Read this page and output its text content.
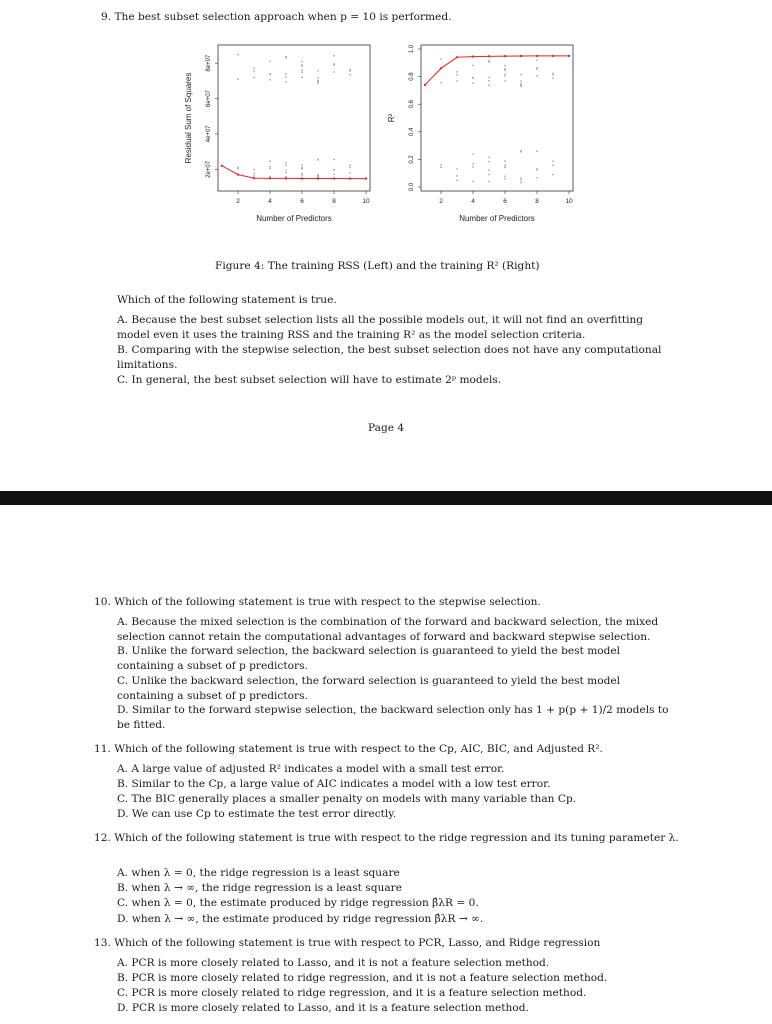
9. The best subset selection approach when p = 10 is performed.
2	4	6	8	10
2e+07
4e+07
6e+07
8e+07
Number of Predictors
Residual Sum of Squares
2	4	6	8	10
0.0
0.2
0.4
0.6
0.8
1.0
Number of Predictors
R²
Figure 4: The training RSS (Left) and the training R² (Right)
Which of the following statement is true.
A. Because the best subset selection lists all the possible models out, it will not find an overfitting model even it uses the training RSS and the training R² as the model selection criteria.
B. Comparing with the stepwise selection, the best subset selection does not have any computational limitations.
C. In general, the best subset selection will have to estimate 2ᵖ models.
Page 4
10. Which of the following statement is true with respect to the stepwise selection.
A. Because the mixed selection is the combination of the forward and backward selection, the mixed selection cannot retain the computational advantages of forward and backward stepwise selection.
B. Unlike the forward selection, the backward selection is guaranteed to yield the best model containing a subset of p predictors.
C. Unlike the backward selection, the forward selection is guaranteed to yield the best model containing a subset of p predictors.
D. Similar to the forward stepwise selection, the backward selection only has 1 + p(p + 1)/2 models to be fitted.
11. Which of the following statement is true with respect to the Cp, AIC, BIC, and Adjusted R².
A. A large value of adjusted R² indicates a model with a small test error.
B. Similar to the Cp, a large value of AIC indicates a model with a low test error.
C. The BIC generally places a smaller penalty on models with many variable than Cp.
D. We can use Cp to estimate the test error directly.
12. Which of the following statement is true with respect to the ridge regression and its tuning parameter λ.
A. when λ = 0, the ridge regression is a least square
B. when λ → ∞, the ridge regression is a least square
C. when λ = 0, the estimate produced by ridge regression β̂λR = 0.
D. when λ → ∞, the estimate produced by ridge regression β̂λR → ∞.
13. Which of the following statement is true with respect to PCR, Lasso, and Ridge regression
A. PCR is more closely related to Lasso, and it is not a feature selection method.
B. PCR is more closely related to ridge regression, and it is not a feature selection method.
C. PCR is more closely related to ridge regression, and it is a feature selection method.
D. PCR is more closely related to Lasso, and it is a feature selection method.
